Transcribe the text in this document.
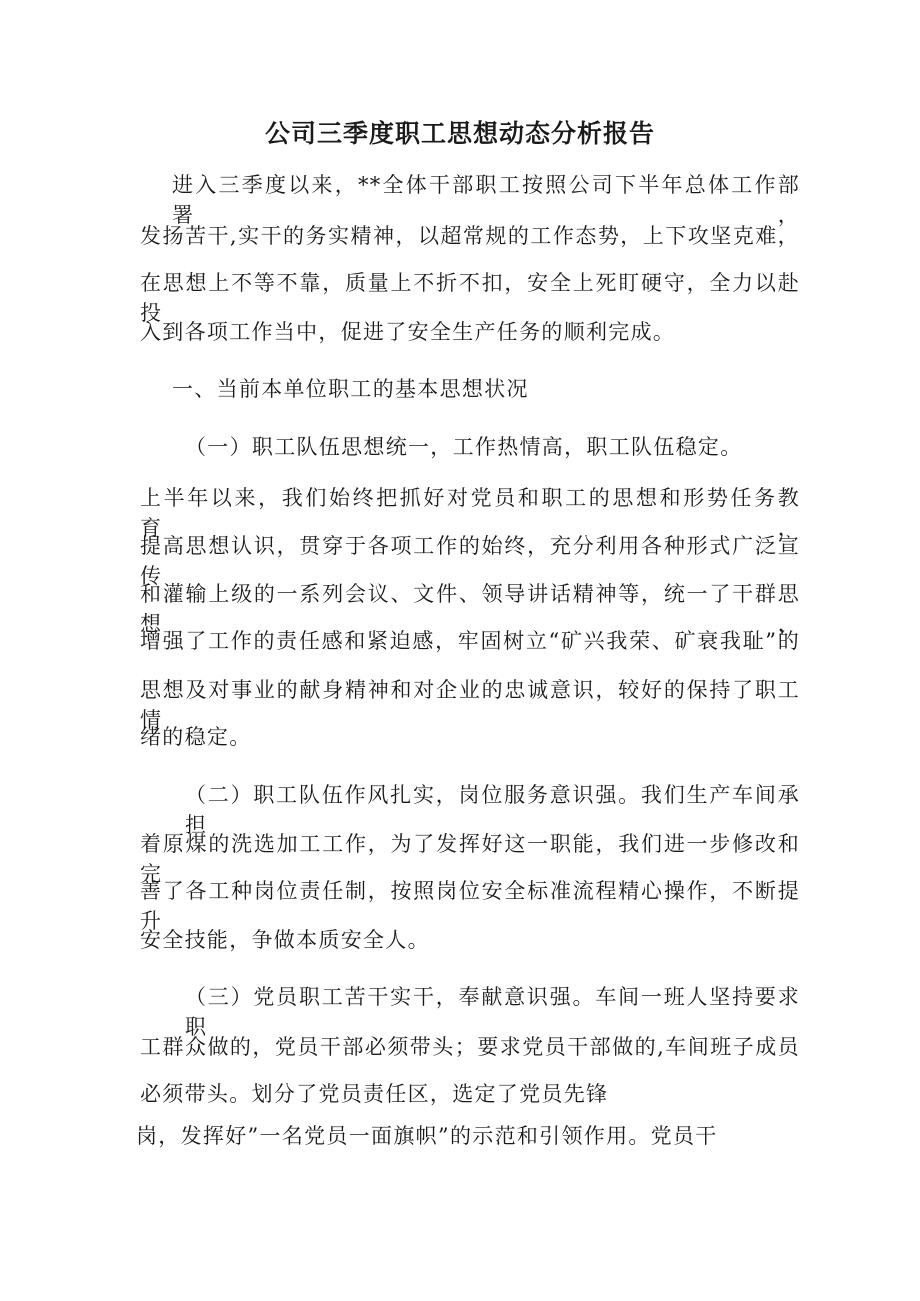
公司三季度职工思想动态分析报告
进入三季度以来，**全体干部职工按照公司下半年总体工作部署，
发扬苦干,实干的务实精神，以超常规的工作态势，上下攻坚克难，
在思想上不等不靠，质量上不折不扣，安全上死盯硬守，全力以赴投
入到各项工作当中，促进了安全生产任务的顺利完成。
一、当前本单位职工的基本思想状况
（一）职工队伍思想统一，工作热情高，职工队伍稳定。
上半年以来，我们始终把抓好对党员和职工的思想和形势任务教育，
提高思想认识，贯穿于各项工作的始终，充分利用各种形式广泛宣传
和灌输上级的一系列会议、文件、领导讲话精神等，统一了干群思想，
增强了工作的责任感和紧迫感，牢固树立“矿兴我荣、矿衰我耻”的
思想及对事业的献身精神和对企业的忠诚意识，较好的保持了职工情
绪的稳定。
（二）职工队伍作风扎实，岗位服务意识强。我们生产车间承担
着原煤的洗选加工工作，为了发挥好这一职能，我们进一步修改和完
善了各工种岗位责任制，按照岗位安全标准流程精心操作，不断提升
安全技能，争做本质安全人。
（三）党员职工苦干实干，奉献意识强。车间一班人坚持要求职
工群众做的，党员干部必须带头；要求党员干部做的,车间班子成员
必须带头。划分了党员责任区，选定了党员先锋
岗，发挥好”一名党员一面旗帜”的示范和引领作用。党员干
